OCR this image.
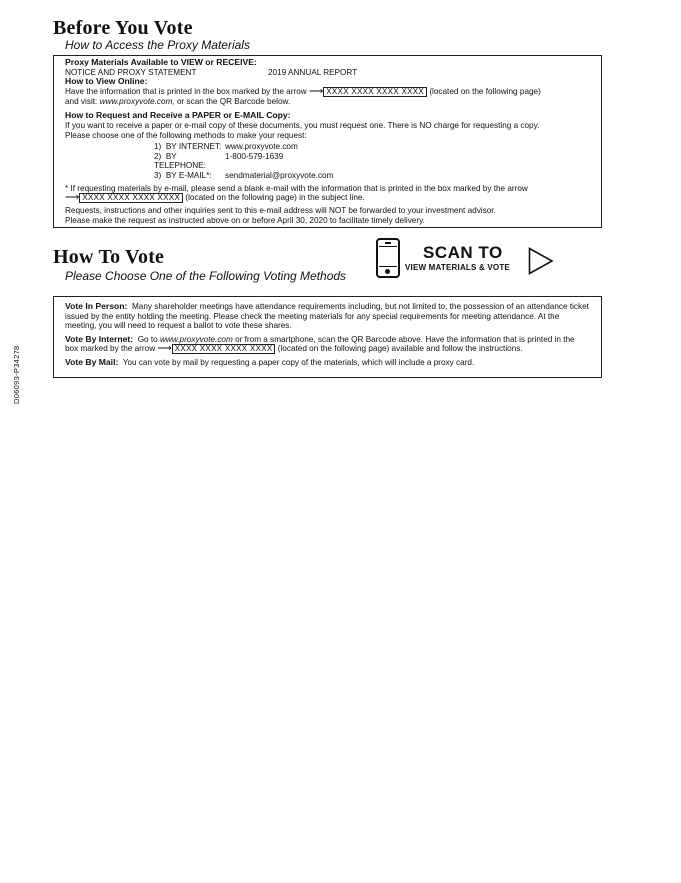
Before You Vote
How to Access the Proxy Materials
Proxy Materials Available to VIEW or RECEIVE:
NOTICE AND PROXY STATEMENT	2019 ANNUAL REPORT
How to View Online:
Have the information that is printed in the box marked by the arrow ⟶ XXXX XXXX XXXX XXXX (located on the following page)
and visit: www.proxyvote.com, or scan the QR Barcode below.
How to Request and Receive a PAPER or E-MAIL Copy:
If you want to receive a paper or e-mail copy of these documents, you must request one. There is NO charge for requesting a copy.
Please choose one of the following methods to make your request:
1) BY INTERNET: www.proxyvote.com
2) BY TELEPHONE:
1-800-579-1639
3) BY E-MAIL*:	sendmaterial@proxyvote.com
* If requesting materials by e-mail, please send a blank e-mail with the information that is printed in the box marked by the arrow
⟶ XXXX XXXX XXXX XXXX (located on the following page) in the subject line.
Requests, instructions and other inquiries sent to this e-mail address will NOT be forwarded to your investment advisor.
Please make the request as instructed above on or before April 30, 2020 to facilitate timely delivery.
How To Vote
Please Choose One of the Following Voting Methods
SCAN TO
VIEW MATERIALS & VOTE
Vote In Person: Many shareholder meetings have attendance requirements including, but not limited to, the possession of an attendance ticket issued by the entity holding the meeting. Please check the meeting materials for any special requirements for meeting attendance. At the meeting, you will need to request a ballot to vote these shares.
Vote By Internet: Go to www.proxyvote.com or from a smartphone, scan the QR Barcode above. Have the information that is printed in the box marked by the arrow ⟶ XXXX XXXX XXXX XXXX (located on the following page) available and follow the instructions.
Vote By Mail: You can vote by mail by requesting a paper copy of the materials, which will include a proxy card.
D06093-P34278
